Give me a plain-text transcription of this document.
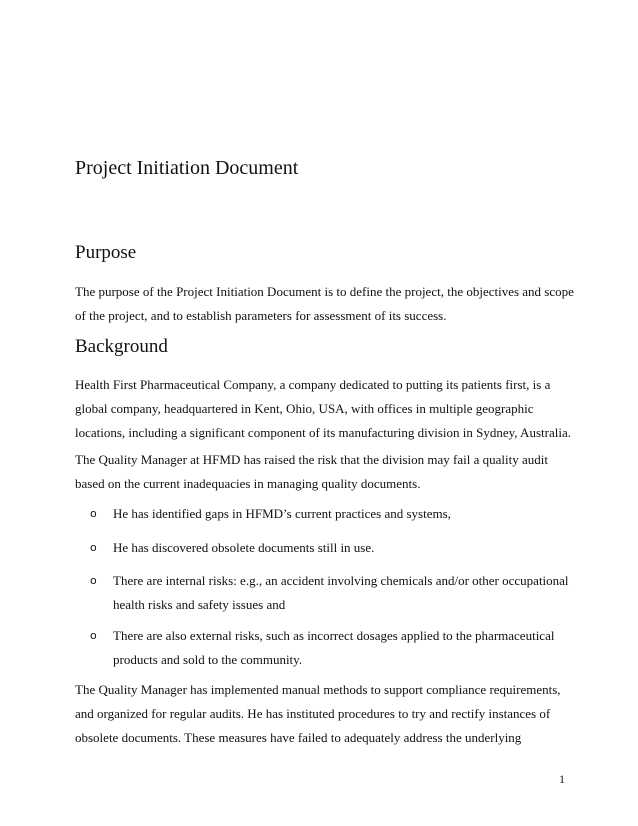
Project Initiation Document
Purpose

The purpose of the Project Initiation Document is to define the project, the objectives and scope of the project, and to establish parameters for assessment of its success.

Background

Health First Pharmaceutical Company, a company dedicated to putting its patients first, is a global company, headquartered in Kent, Ohio, USA, with offices in multiple geographic locations, including a significant component of its manufacturing division in Sydney, Australia.

The Quality Manager at HFMD has raised the risk that the division may fail a quality audit based on the current inadequacies in managing quality documents.

o He has identified gaps in HFMD’s current practices and systems,
o He has discovered obsolete documents still in use.
o There are internal risks: e.g., an accident involving chemicals and/or other occupational health risks and safety issues and
o There are also external risks, such as incorrect dosages applied to the pharmaceutical products and sold to the community.

The Quality Manager has implemented manual methods to support compliance requirements, and organized for regular audits. He has instituted procedures to try and rectify instances of obsolete documents. These measures have failed to adequately address the underlying

1
